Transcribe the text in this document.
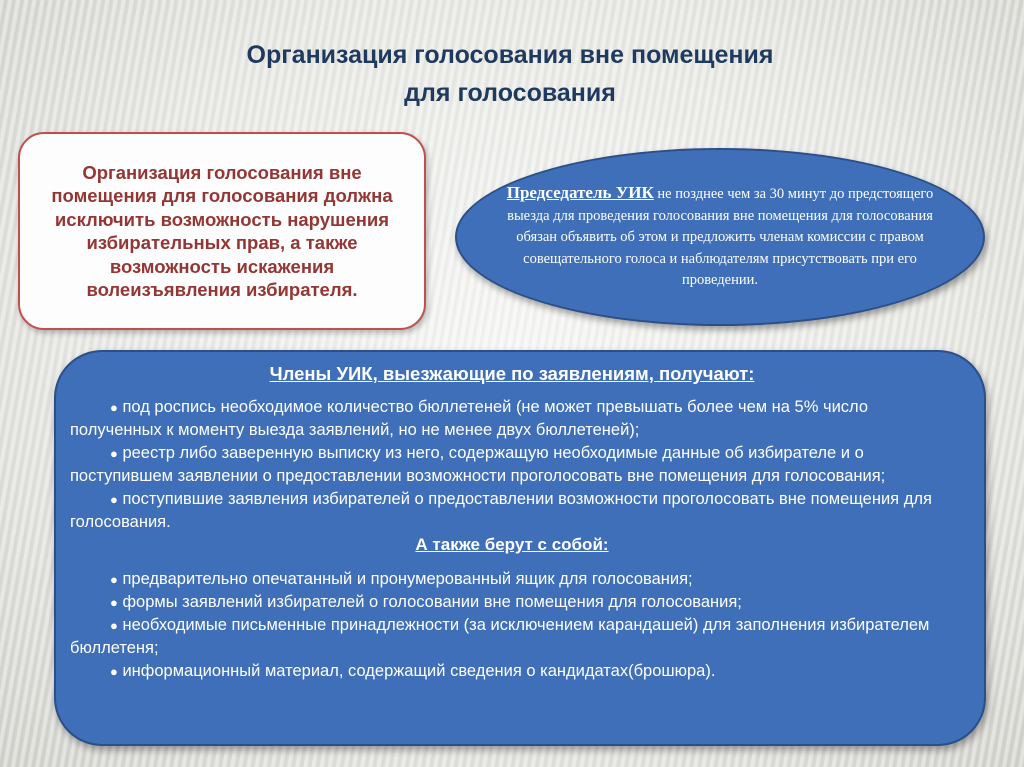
Организация голосования вне помещения
для голосования

Организация голосования вне помещения для голосования должна исключить возможность нарушения избирательных прав, а также возможность искажения волеизъявления избирателя.

Председатель УИК не позднее чем за 30 минут до предстоящего выезда для проведения голосования вне помещения для голосования обязан объявить об этом и предложить членам комиссии с правом совещательного голоса и наблюдателям присутствовать при его проведении.

Члены УИК, выезжающие по заявлениям, получают:

● под роспись необходимое количество бюллетеней (не может превышать более чем на 5% число полученных к моменту выезда заявлений, но не менее двух бюллетеней);

● реестр либо заверенную выписку из него, содержащую необходимые данные об избирателе и о поступившем заявлении о предоставлении возможности проголосовать вне помещения для голосования;

● поступившие заявления избирателей о предоставлении возможности проголосовать вне помещения для голосования.

А также берут с собой:

● предварительно опечатанный и пронумерованный ящик для голосования;

● формы заявлений избирателей о голосовании вне помещения для голосования;

● необходимые письменные принадлежности (за исключением карандашей) для заполнения избирателем бюллетеня;

● информационный материал, содержащий сведения о кандидатах(брошюра).
